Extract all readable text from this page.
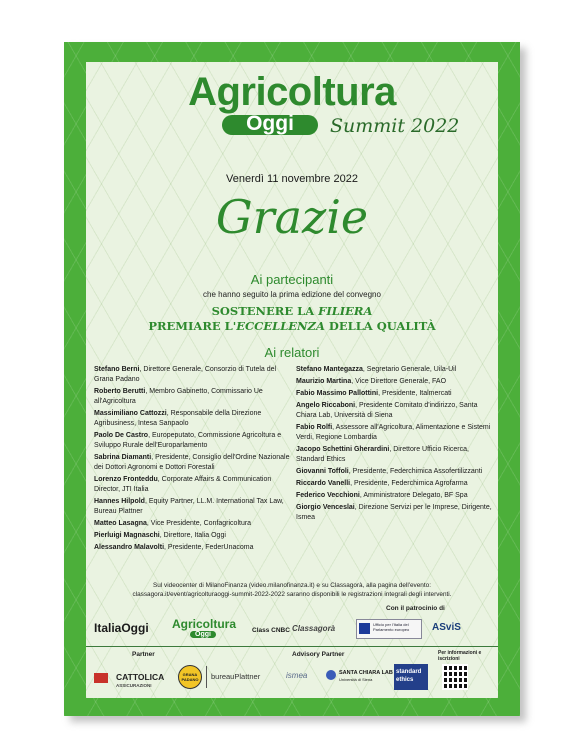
Agricoltura
Oggi	Summit 2022
Venerdì 11 novembre 2022
Grazie
Ai partecipanti
che hanno seguito la prima edizione del convegno
SOSTENERE LA FILIERA
PREMIARE L'ECCELLENZA DELLA QUALITÀ
Ai relatori
Stefano Berni, Direttore Generale, Consorzio di Tutela del Grana Padano
Roberto Berutti, Membro Gabinetto, Commissario Ue all'Agricoltura
Massimiliano Cattozzi, Responsabile della Direzione Agribusiness, Intesa Sanpaolo
Paolo De Castro, Europeputato, Commissione Agricoltura e Sviluppo Rurale dell'Europarlamento
Sabrina Diamanti, Presidente, Consiglio dell'Ordine Nazionale dei Dottori Agronomi e Dottori Forestali
Lorenzo Fronteddu, Corporate Affairs & Communication Director, JTI Italia
Hannes Hilpold, Equity Partner, LL.M. International Tax Law, Bureau Plattner
Matteo Lasagna, Vice Presidente, Confagricoltura
Pierluigi Magnaschi, Direttore, Italia Oggi
Alessandro Malavolti, Presidente, FederUnacoma
Stefano Mantegazza, Segretario Generale, Uila-Uil
Maurizio Martina, Vice Direttore Generale, FAO
Fabio Massimo Pallottini, Presidente, Italmercati
Angelo Riccaboni, Presidente Comitato d'indirizzo, Santa Chiara Lab, Università di Siena
Fabio Rolfi, Assessore all'Agricoltura, Alimentazione e Sistemi Verdi, Regione Lombardia
Jacopo Schettini Gherardini, Direttore Ufficio Ricerca, Standard Ethics
Giovanni Toffoli, Presidente, Federchimica Assofertilizzanti
Riccardo Vanelli, Presidente, Federchimica Agrofarma
Federico Vecchioni, Amministratore Delegato, BF Spa
Giorgio Venceslai, Direzione Servizi per le Imprese, Dirigente, Ismea
Sul videocenter di MilanoFinanza (video.milanofinanza.it) e su Classagorà, alla pagina dell'evento:
classagora.it/event/agricolturaoggi-summit-2022-2022 saranno disponibili le registrazioni integrali degli interventi.
Con il patrocinio di
ItaliaOggi Agricoltura
Oggi
Class CNBC Classagorà	Ufficio per l'Italia del Parlamento europeo	ASviS
Partner	Advisory Partner	Per informazioni e iscrizioni
CATTOLICA
ASSICURAZIONI
GRANA PADANO bureauPlattner	ismea	SANTA CHIARA LAB
Università di Siena
standard ethics
